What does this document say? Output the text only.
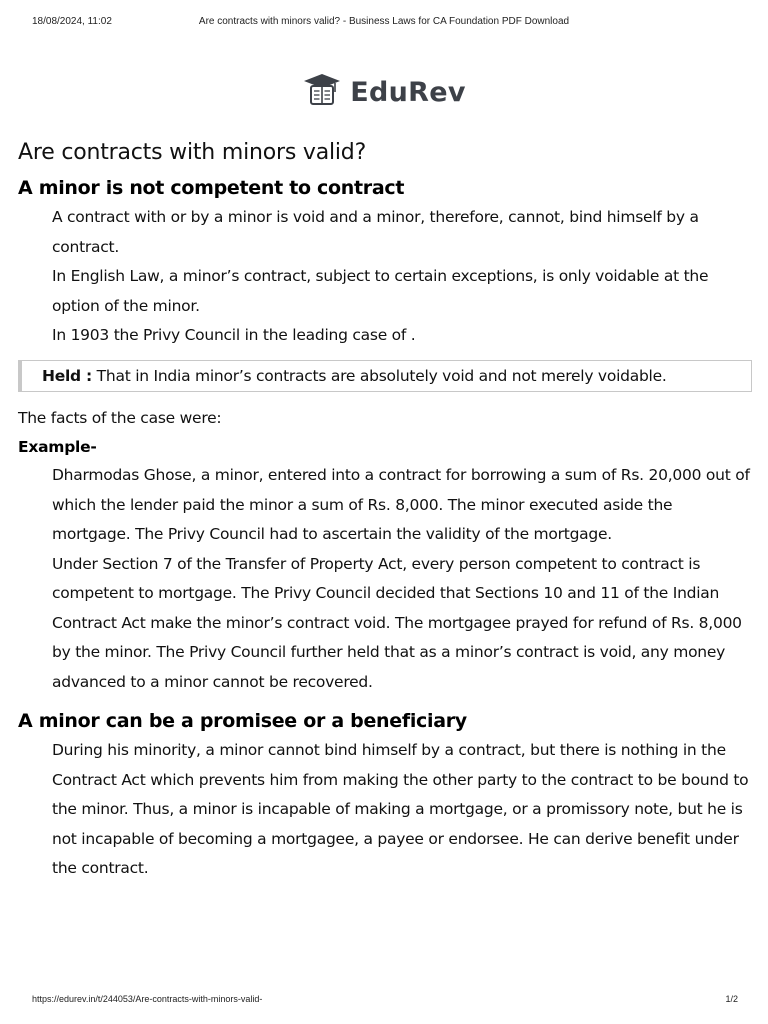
18/08/2024, 11:02	Are contracts with minors valid? - Business Laws for CA Foundation PDF Download
EduRev
Are contracts with minors valid?
A minor is not competent to contract

A contract with or by a minor is void and a minor, therefore, cannot, bind himself by a contract.

In English Law, a minor’s contract, subject to certain exceptions, is only voidable at the option of the minor.

In 1903 the Privy Council in the leading case of .

Held : That in India minor’s contracts are absolutely void and not merely voidable.

The facts of the case were:

Example-

Dharmodas Ghose, a minor, entered into a contract for borrowing a sum of Rs. 20,000 out of which the lender paid the minor a sum of Rs. 8,000. The minor executed aside the mortgage. The Privy Council had to ascertain the validity of the mortgage.

Under Section 7 of the Transfer of Property Act, every person competent to contract is competent to mortgage. The Privy Council decided that Sections 10 and 11 of the Indian Contract Act make the minor’s contract void. The mortgagee prayed for refund of Rs. 8,000 by the minor. The Privy Council further held that as a minor’s contract is void, any money advanced to a minor cannot be recovered.

A minor can be a promisee or a beneficiary

During his minority, a minor cannot bind himself by a contract, but there is nothing in the Contract Act which prevents him from making the other party to the contract to be bound to the minor. Thus, a minor is incapable of making a mortgage, or a promissory note, but he is not incapable of becoming a mortgagee, a payee or endorsee. He can derive benefit under the contract.

https://edurev.in/t/244053/Are-contracts-with-minors-valid-	1/2
